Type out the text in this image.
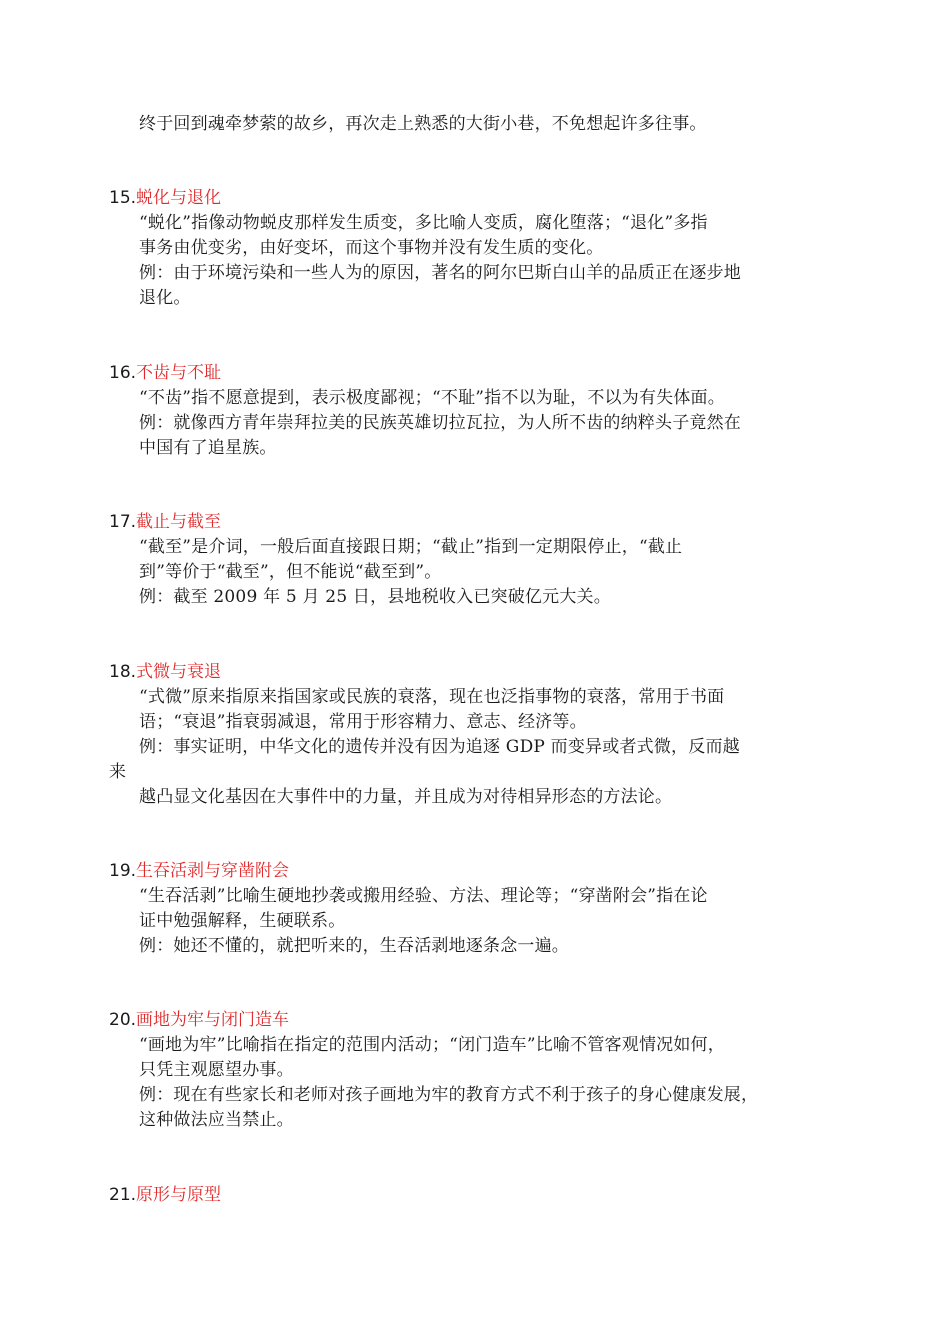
终于回到魂牵梦萦的故乡，再次走上熟悉的大街小巷，不免想起许多往事。
15.蜕化与退化
“蜕化”指像动物蜕皮那样发生质变，多比喻人变质，腐化堕落；“退化”多指
事务由优变劣，由好变坏，而这个事物并没有发生质的变化。
例：由于环境污染和一些人为的原因，著名的阿尔巴斯白山羊的品质正在逐步地
退化。
16.不齿与不耻
“不齿”指不愿意提到，表示极度鄙视；“不耻”指不以为耻，不以为有失体面。
例：就像西方青年崇拜拉美的民族英雄切拉瓦拉，为人所不齿的纳粹头子竟然在
中国有了追星族。
17.截止与截至
“截至”是介词，一般后面直接跟日期；“截止”指到一定期限停止，“截止
到”等价于“截至”，但不能说“截至到”。
例：截至 2009 年 5 月 25 日，县地税收入已突破亿元大关。
18.式微与衰退
“式微”原来指原来指国家或民族的衰落，现在也泛指事物的衰落，常用于书面
语；“衰退”指衰弱减退，常用于形容精力、意志、经济等。
例：事实证明，中华文化的遗传并没有因为追逐 GDP 而变异或者式微，反而越
来
越凸显文化基因在大事件中的力量，并且成为对待相异形态的方法论。
19.生吞活剥与穿凿附会
“生吞活剥”比喻生硬地抄袭或搬用经验、方法、理论等；“穿凿附会”指在论
证中勉强解释，生硬联系。
例：她还不懂的，就把听来的，生吞活剥地逐条念一遍。
20.画地为牢与闭门造车
“画地为牢”比喻指在指定的范围内活动；“闭门造车”比喻不管客观情况如何，
只凭主观愿望办事。
例：现在有些家长和老师对孩子画地为牢的教育方式不利于孩子的身心健康发展，
这种做法应当禁止。
21.原形与原型
